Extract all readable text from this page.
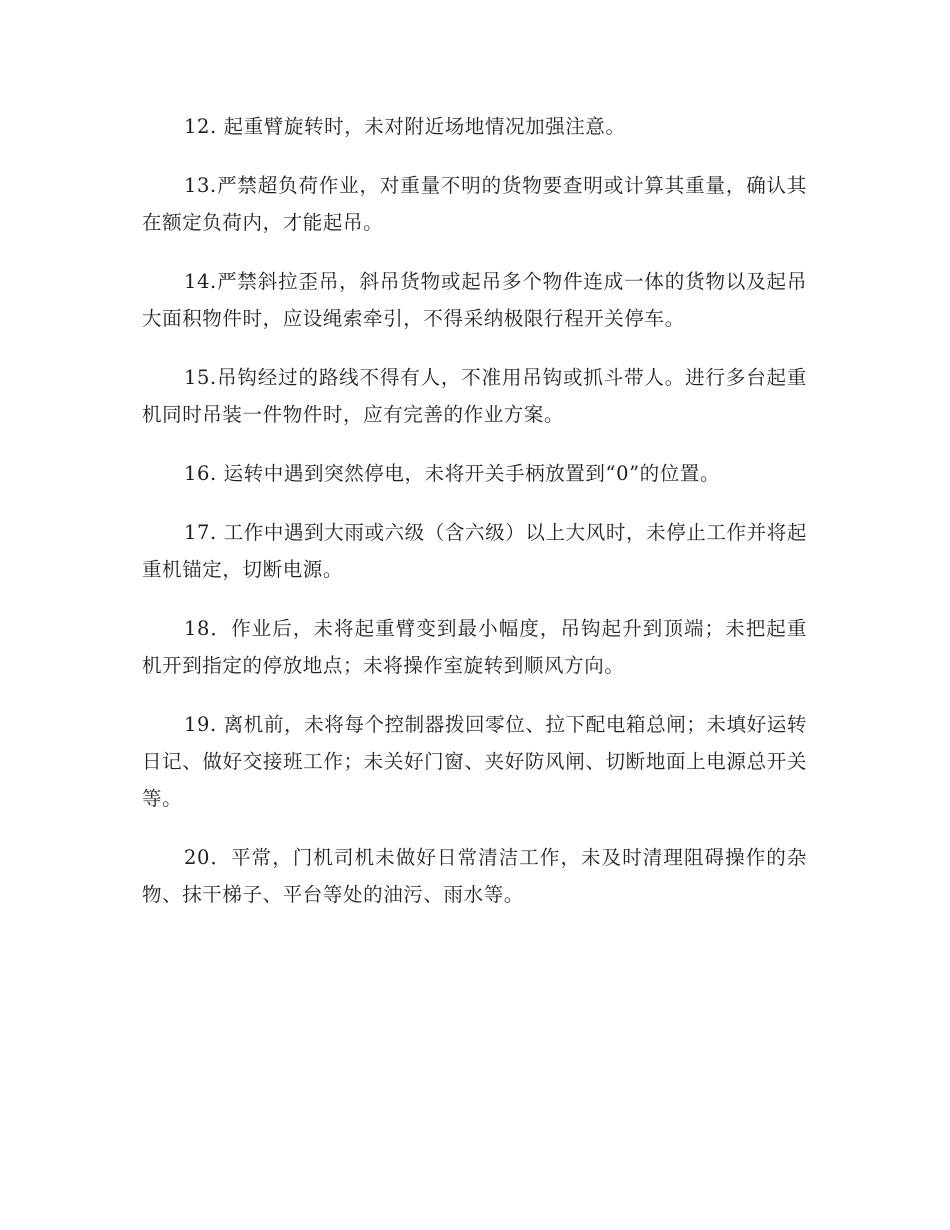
12. 起重臂旋转时，未对附近场地情况加强注意。

13.严禁超负荷作业，对重量不明的货物要查明或计算其重量，确认其在额定负荷内，才能起吊。

14.严禁斜拉歪吊，斜吊货物或起吊多个物件连成一体的货物以及起吊大面积物件时，应设绳索牵引，不得采纳极限行程开关停车。

15.吊钩经过的路线不得有人，不准用吊钩或抓斗带人。进行多台起重机同时吊装一件物件时，应有完善的作业方案。

16. 运转中遇到突然停电，未将开关手柄放置到“0”的位置。

17. 工作中遇到大雨或六级（含六级）以上大风时，未停止工作并将起重机锚定，切断电源。

18．作业后，未将起重臂变到最小幅度，吊钩起升到顶端；未把起重机开到指定的停放地点；未将操作室旋转到顺风方向。

19. 离机前，未将每个控制器拨回零位、拉下配电箱总闸；未填好运转日记、做好交接班工作；未关好门窗、夹好防风闸、切断地面上电源总开关等。

20．平常，门机司机未做好日常清洁工作，未及时清理阻碍操作的杂物、抹干梯子、平台等处的油污、雨水等。
